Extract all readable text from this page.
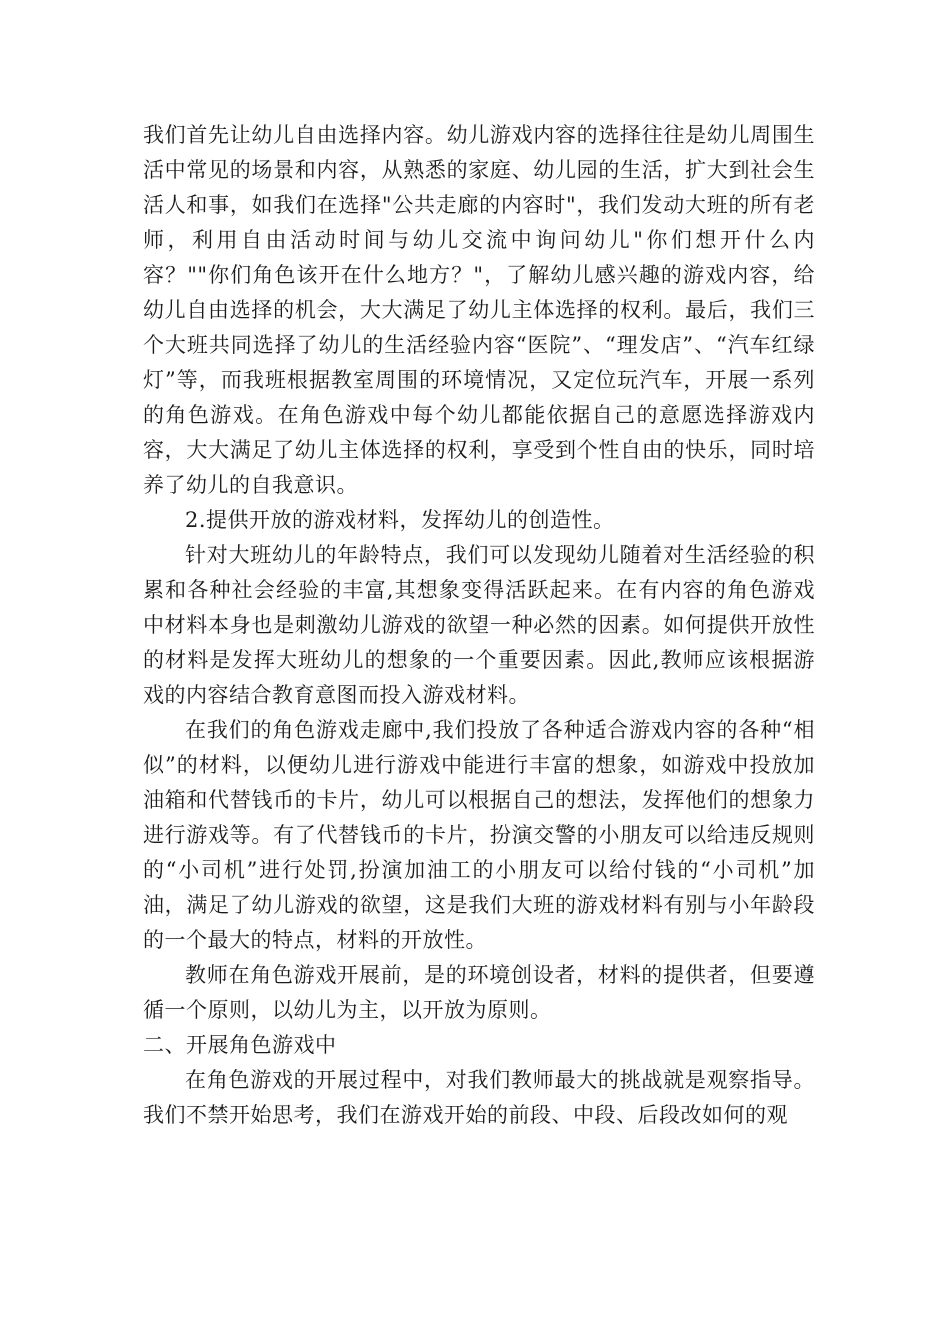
我们首先让幼儿自由选择内容。幼儿游戏内容的选择往往是幼儿周围生活中常见的场景和内容，从熟悉的家庭、幼儿园的生活，扩大到社会生活人和事，如我们在选择"公共走廊的内容时"，我们发动大班的所有老师，利用自由活动时间与幼儿交流中询问幼儿"你们想开什么内容？""你们角色该开在什么地方？"，了解幼儿感兴趣的游戏内容，给幼儿自由选择的机会，大大满足了幼儿主体选择的权利。最后，我们三个大班共同选择了幼儿的生活经验内容“医院”、“理发店”、“汽车红绿灯”等，而我班根据教室周围的环境情况，又定位玩汽车，开展一系列的角色游戏。在角色游戏中每个幼儿都能依据自己的意愿选择游戏内容，大大满足了幼儿主体选择的权利，享受到个性自由的快乐，同时培养了幼儿的自我意识。

2.提供开放的游戏材料，发挥幼儿的创造性。

针对大班幼儿的年龄特点，我们可以发现幼儿随着对生活经验的积累和各种社会经验的丰富,其想象变得活跃起来。在有内容的角色游戏中材料本身也是刺激幼儿游戏的欲望一种必然的因素。如何提供开放性的材料是发挥大班幼儿的想象的一个重要因素。因此,教师应该根据游戏的内容结合教育意图而投入游戏材料。

在我们的角色游戏走廊中,我们投放了各种适合游戏内容的各种“相似”的材料，以便幼儿进行游戏中能进行丰富的想象，如游戏中投放加油箱和代替钱币的卡片，幼儿可以根据自己的想法，发挥他们的想象力进行游戏等。有了代替钱币的卡片，扮演交警的小朋友可以给违反规则的“小司机”进行处罚,扮演加油工的小朋友可以给付钱的“小司机”加油，满足了幼儿游戏的欲望，这是我们大班的游戏材料有别与小年龄段的一个最大的特点，材料的开放性。

教师在角色游戏开展前，是的环境创设者，材料的提供者，但要遵循一个原则，以幼儿为主，以开放为原则。

二、开展角色游戏中

在角色游戏的开展过程中，对我们教师最大的挑战就是观察指导。我们不禁开始思考，我们在游戏开始的前段、中段、后段改如何的观
